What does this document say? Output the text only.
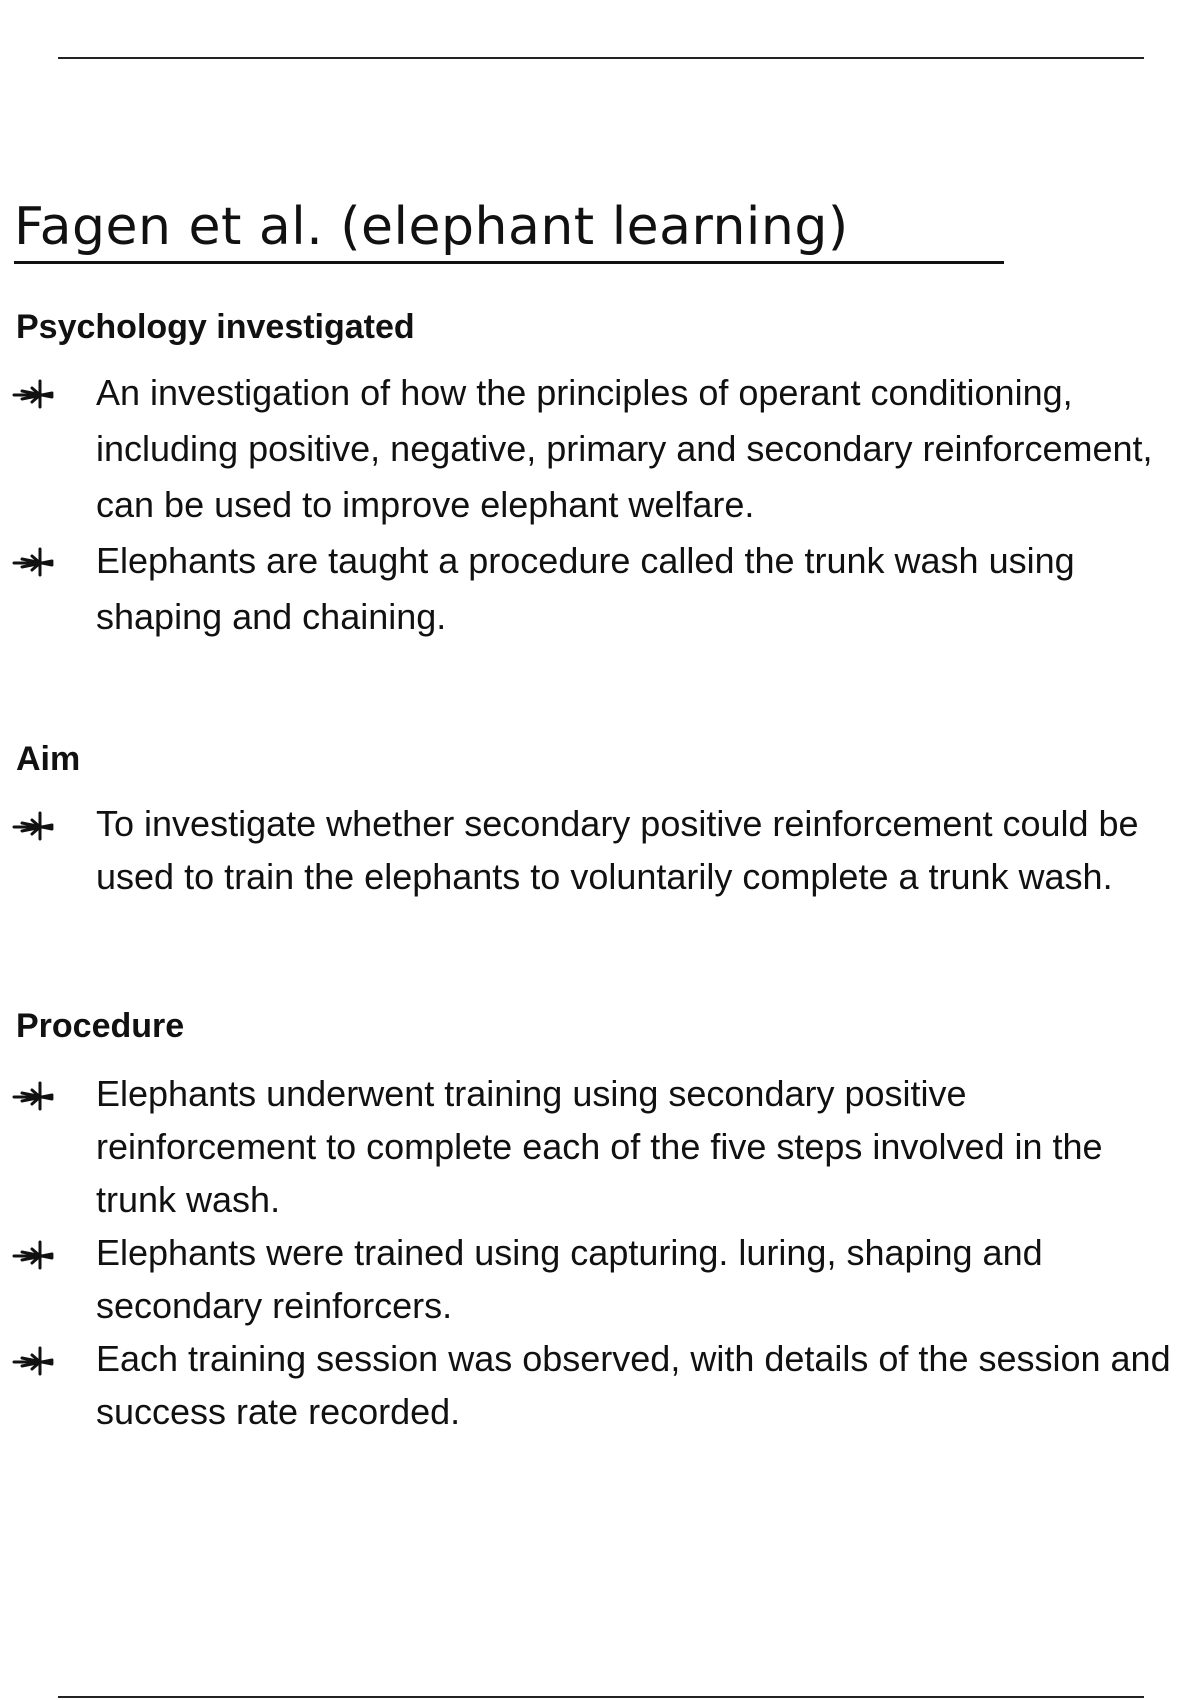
Fagen et al. (elephant learning)
Psychology investigated
An investigation of how the principles of operant conditioning, including positive, negative, primary and secondary reinforcement, can be used to improve elephant welfare.
Elephants are taught a procedure called the trunk wash using shaping and chaining.
Aim
To investigate whether secondary positive reinforcement could be used to train the elephants to voluntarily complete a trunk wash.
Procedure
Elephants underwent training using secondary positive reinforcement to complete each of the five steps involved in the trunk wash.
Elephants were trained using capturing. luring, shaping and secondary reinforcers.
Each training session was observed, with details of the session and success rate recorded.
